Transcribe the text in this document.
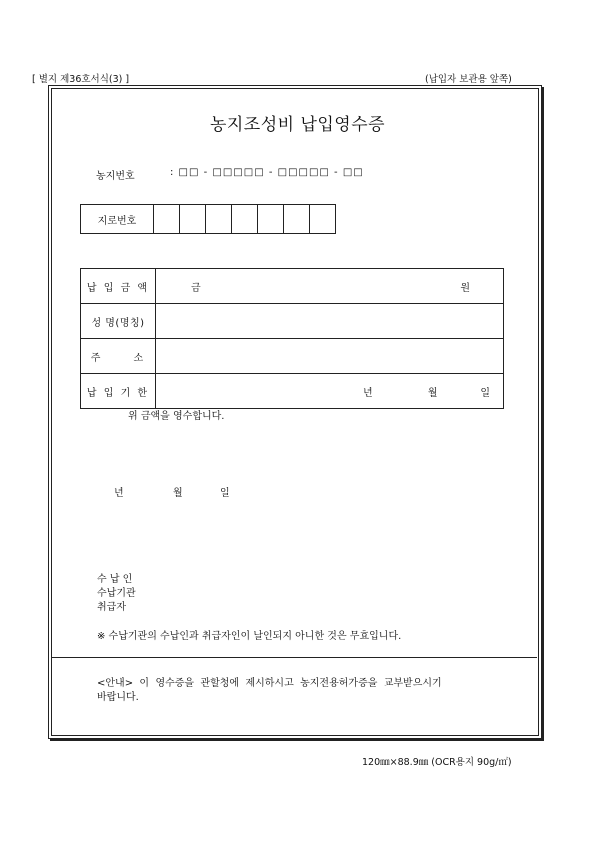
[ 별지 제36호서식(3) ]	(납입자 보관용 앞쪽)
농지조성비 납입영수증
농지번호	: □□ - □□□□□ - □□□□□ - □□
지로번호							
납 입 금 액	금 원

성 명(명칭)	
주      소	
납 입 기 한	년 월 일
위 금액을 영수합니다.
년	월	일
수 납 인
수납기관
취급자
※ 수납기관의 수납인과 취급자인이 날인되지 아니한 것은 무효입니다.
<안내>  이  영수증을  관할청에  제시하시고  농지전용허가증을  교부받으시기
바랍니다.
120㎜×88.9㎜ (OCR용지 90g/㎡)
